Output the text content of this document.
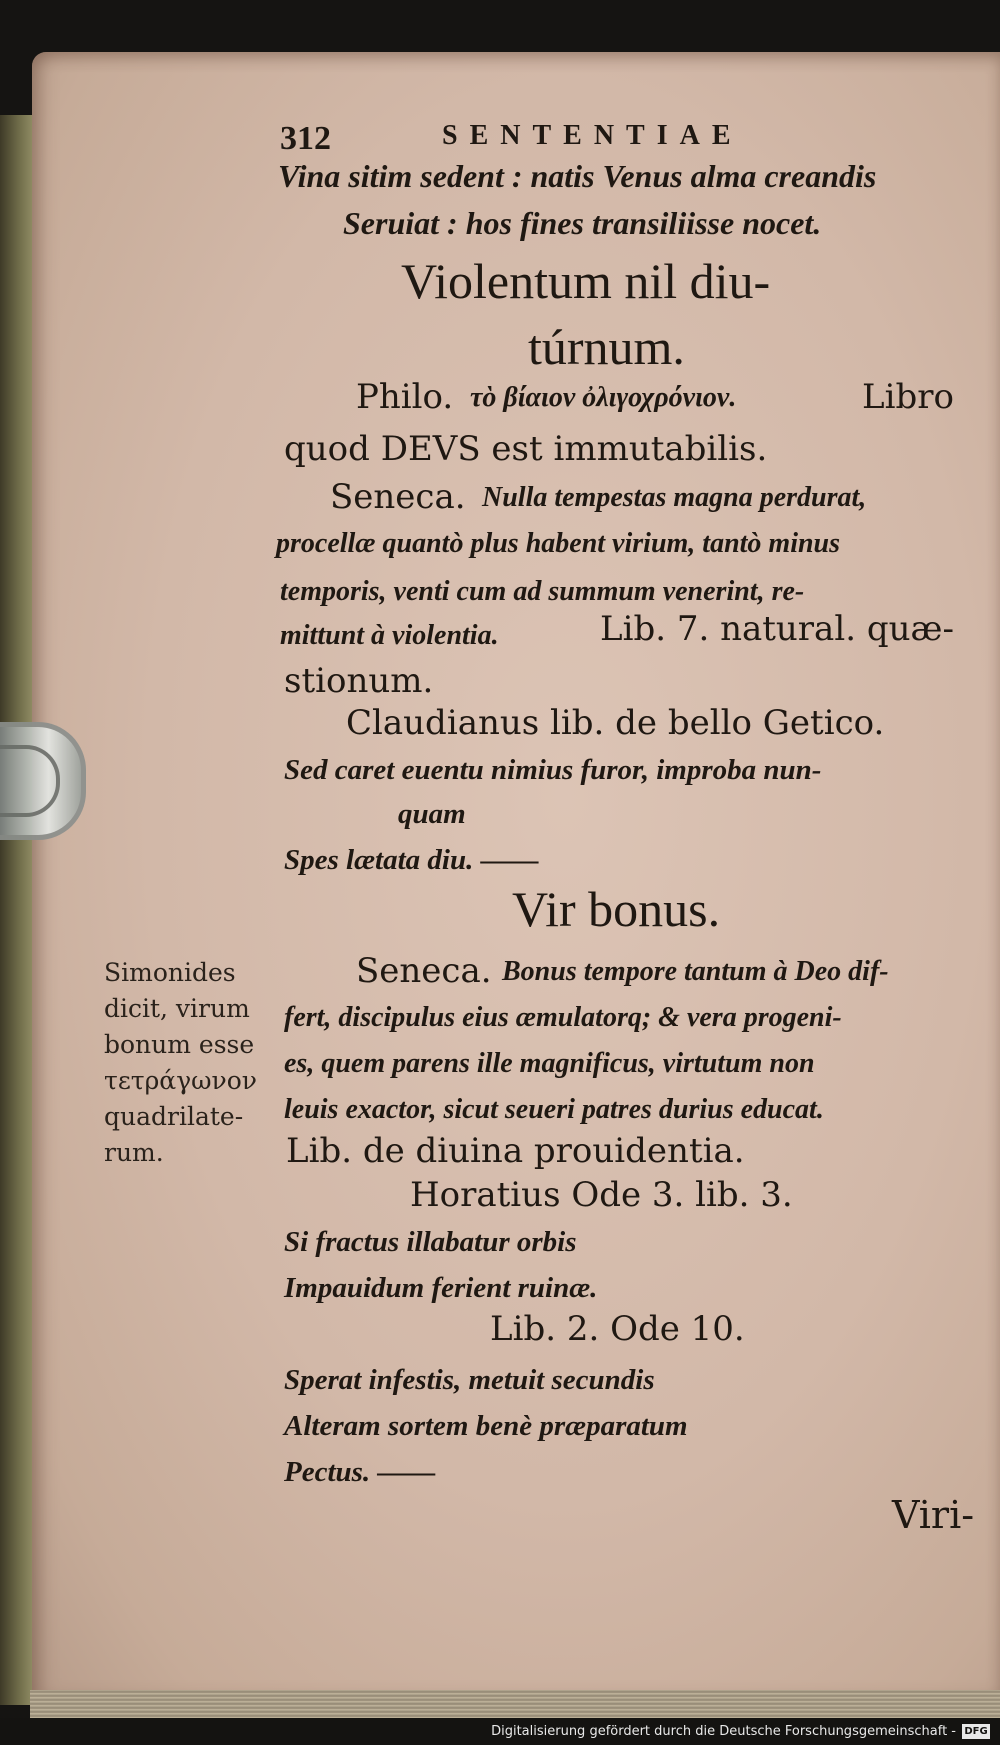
312	SENTENTIAE
Vina sitim sedent : natis Venus alma creandis
Seruiat : hos fines transiliisse nocet.
Violentum nil diu-
túrnum.
Philo. τὸ βίαιον ὀλιγοχρόνιον.	Libro
quod DEVS est immutabilis.
Seneca. Nulla tempestas magna perdurat,
procellæ quantò plus habent virium, tantò minus
temporis, venti cum ad summum venerint, re-
mittunt à violentia.	Lib. 7. natural. quæ-
stionum.
Claudianus lib. de bello Getico.
Sed caret euentu nimius furor, improba nun-
quam
Spes lætata diu. ——
Vir bonus.
Seneca. Bonus tempore tantum à Deo dif-
fert, discipulus eius æmulatorq; & vera progeni-
es, quem parens ille magnificus, virtutum non
leuis exactor, sicut seueri patres durius educat.
Lib. de diuina prouidentia.
Horatius Ode 3. lib. 3.
Si fractus illabatur orbis
Impauidum ferient ruinæ.
Lib. 2. Ode 10.
Sperat infestis, metuit secundis
Alteram sortem benè præparatum
Pectus. ——
Viri-
Simonides
dicit, virum
bonum esse
τετράγωνον
quadrilate-
rum.
Digitalisierung gefördert durch die Deutsche Forschungsgemeinschaft - DFG
